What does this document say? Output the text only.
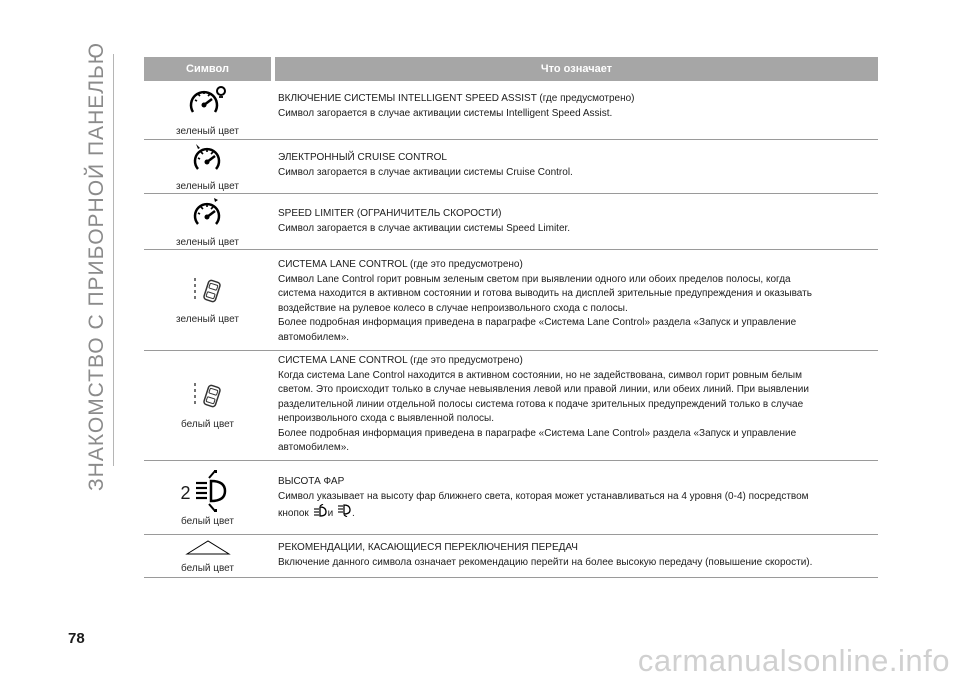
ЗНАКОМСТВО С ПРИБОРНОЙ ПАНЕЛЬЮ	Символ	Что означает
зеленый цвет

ВКЛЮЧЕНИЕ СИСТЕМЫ INTELLIGENT SPEED ASSIST (где предусмотрено)

Символ загорается в случае активации системы Intelligent Speed Assist.

зеленый цвет

ЭЛЕКТРОННЫЙ CRUISE CONTROL

Символ загорается в случае активации системы Cruise Control.

зеленый цвет

SPEED LIMITER (ОГРАНИЧИТЕЛЬ СКОРОСТИ)

Символ загорается в случае активации системы Speed Limiter.

зеленый цвет

СИСТЕМА LANE CONTROL (где это предусмотрено)

Символ Lane Control горит ровным зеленым светом при выявлении одного или обоих пределов полосы, когда

система находится в активном состоянии и готова выводить на дисплей зрительные предупреждения и оказывать

воздействие на рулевое колесо в случае непроизвольного схода с полосы.

Более подробная информация приведена в параграфе «Система Lane Control» раздела «Запуск и управление

автомобилем».

белый цвет

СИСТЕМА LANE CONTROL (где это предусмотрено)

Когда система Lane Control находится в активном состоянии, но не задействована, символ горит ровным белым

светом. Это происходит только в случае невыявления левой или правой линии, или обеих линий. При выявлении

разделительной линии отдельной полосы система готова к подаче зрительных предупреждений только в случае

непроизвольного схода с выявленной полосы.

Более подробная информация приведена в параграфе «Система Lane Control» раздела «Запуск и управление

автомобилем».

2
белый цвет

ВЫСОТА ФАР

Символ указывает на высоту фар ближнего света, которая может устанавливаться на 4 уровня (0-4) посредством

кнопок и .

белый цвет

РЕКОМЕНДАЦИИ, КАСАЮЩИЕСЯ ПЕРЕКЛЮЧЕНИЯ ПЕРЕДАЧ

Включение данного символа означает рекомендацию перейти на более высокую передачу (повышение скорости).

78
carmanualsonline.info
